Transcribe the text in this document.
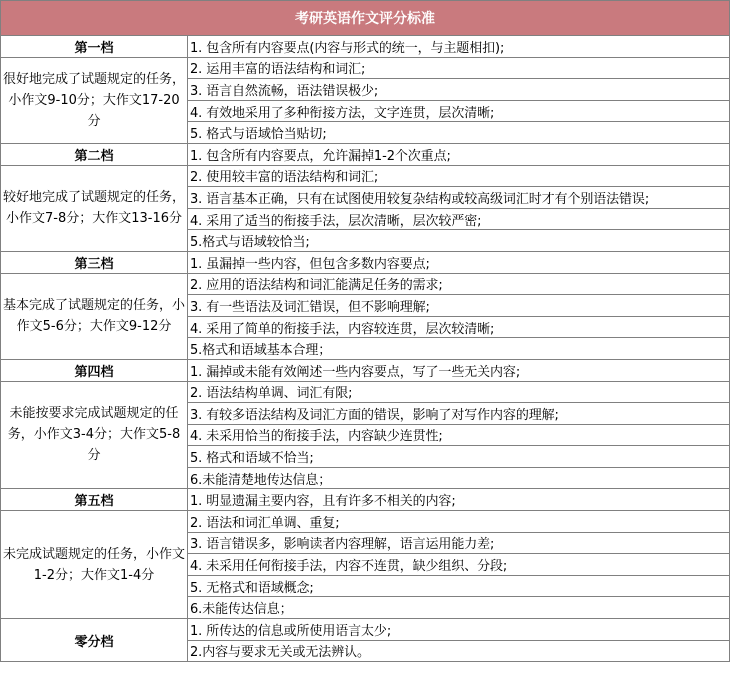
考研英语作文评分标准	
第一档	1. 包含所有内容要点(内容与形式的统一，与主题相扣);
很好地完成了试题规定的任务，小作文9-10分；大作文17-20分	2. 运用丰富的语法结构和词汇;
	3. 语言自然流畅，语法错误极少;
	4. 有效地采用了多种衔接方法，文字连贯，层次清晰;
	5. 格式与语域恰当贴切;
第二档	1. 包含所有内容要点，允许漏掉1-2个次重点;
较好地完成了试题规定的任务，小作文7-8分；大作文13-16分	2. 使用较丰富的语法结构和词汇;
	3. 语言基本正确，只有在试图使用较复杂结构或较高级词汇时才有个别语法错误;
	4. 采用了适当的衔接手法，层次清晰，层次较严密;
	5.格式与语域较恰当;
第三档	1. 虽漏掉一些内容，但包含多数内容要点;
基本完成了试题规定的任务，小作文5-6分；大作文9-12分	2. 应用的语法结构和词汇能满足任务的需求;
	3. 有一些语法及词汇错误，但不影响理解;
	4. 采用了简单的衔接手法，内容较连贯，层次较清晰;
	5.格式和语域基本合理；
第四档	1. 漏掉或未能有效阐述一些内容要点，写了一些无关内容;
未能按要求完成试题规定的任务，小作文3-4分；大作文5-8分	2. 语法结构单调、词汇有限;
	3. 有较多语法结构及词汇方面的错误，影响了对写作内容的理解;
	4. 未采用恰当的衔接手法，内容缺少连贯性;
	5. 格式和语域不恰当;
	6.未能清楚地传达信息；
第五档	1. 明显遗漏主要内容，且有许多不相关的内容;
未完成试题规定的任务，小作文1-2分；大作文1-4分	2. 语法和词汇单调、重复;
	3. 语言错误多，影响读者内容理解，语言运用能力差;
	4. 未采用任何衔接手法，内容不连贯，缺少组织、分段;
	5. 无格式和语域概念;
	6.未能传达信息；
零分档	1. 所传达的信息或所使用语言太少;
	2.内容与要求无关或无法辨认。
